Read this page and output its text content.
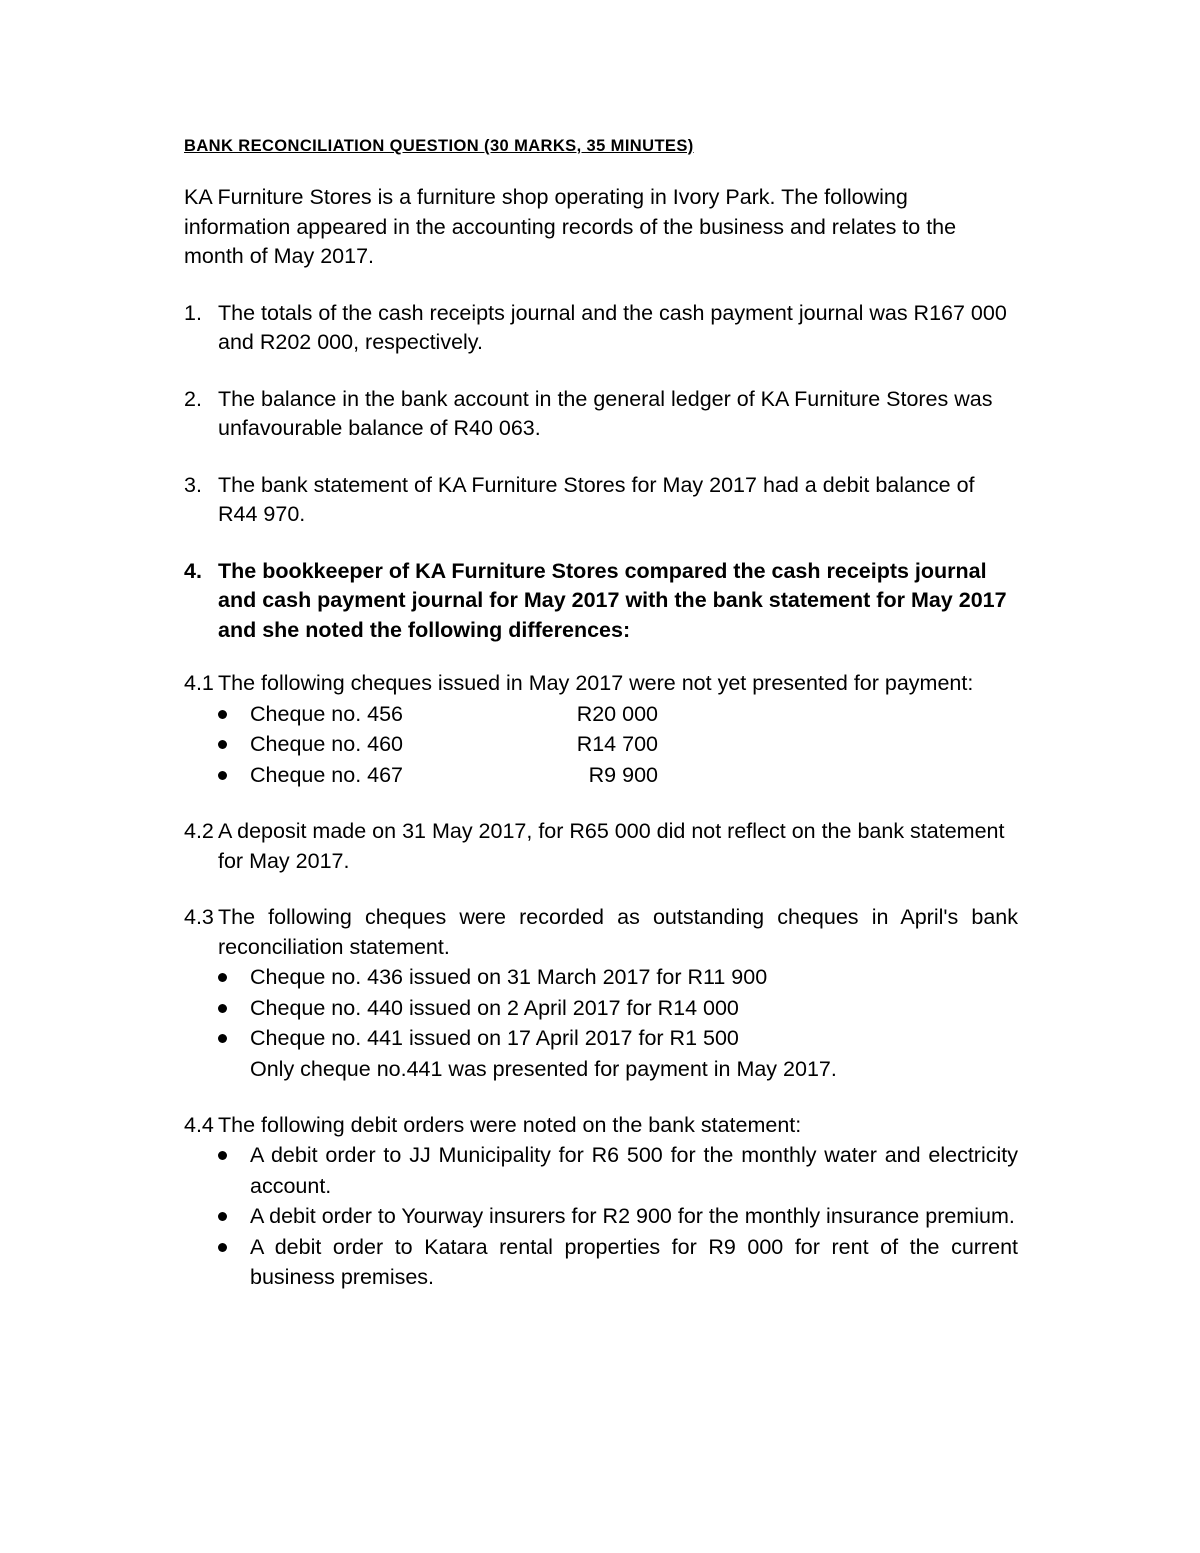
BANK RECONCILIATION QUESTION (30 MARKS, 35 MINUTES)

KA Furniture Stores is a furniture shop operating in Ivory Park. The following information appeared in the accounting records of the business and relates to the month of May 2017.

1. The totals of the cash receipts journal and the cash payment journal was R167 000 and R202 000, respectively.
2. The balance in the bank account in the general ledger of KA Furniture Stores was unfavourable balance of R40 063.
3. The bank statement of KA Furniture Stores for May 2017 had a debit balance of R44 970.
4. The bookkeeper of KA Furniture Stores compared the cash receipts journal and cash payment journal for May 2017 with the bank statement for May 2017 and she noted the following differences:
4.1 The following cheques issued in May 2017 were not yet presented for payment:
Cheque no. 456	R20 000
Cheque no. 460	R14 700
Cheque no. 467	R9 900
4.2 A deposit made on 31 May 2017, for R65 000 did not reflect on the bank statement for May 2017.
4.3 The following cheques were recorded as outstanding cheques in April's bank reconciliation statement.
Cheque no. 436 issued on 31 March 2017 for R11 900
Cheque no. 440 issued on 2 April 2017 for R14 000
Cheque no. 441 issued on 17 April 2017 for R1 500

Only cheque no.441 was presented for payment in May 2017.

4.4 The following debit orders were noted on the bank statement:
A debit order to JJ Municipality for R6 500 for the monthly water and electricity account.
A debit order to Yourway insurers for R2 900 for the monthly insurance premium.
A debit order to Katara rental properties for R9 000 for rent of the current business premises.
